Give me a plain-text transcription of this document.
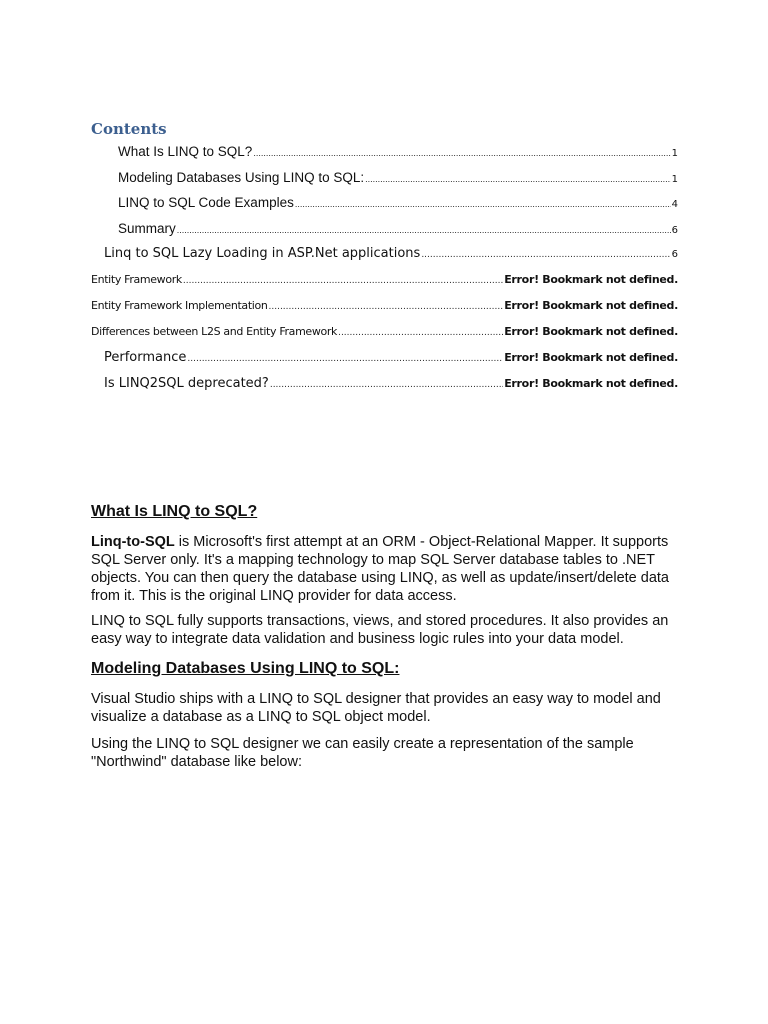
Contents
What Is LINQ to SQL? .....	1
Modeling Databases Using LINQ to SQL: .....	1
LINQ to SQL Code Examples .....	4
Summary .....	6
Linq to SQL Lazy Loading in ASP.Net applications .....	6
Entity Framework .....	Error! Bookmark not defined.
Entity Framework Implementation .....	Error! Bookmark not defined.
Differences between L2S and Entity Framework .....	Error! Bookmark not defined.
Performance .....	Error! Bookmark not defined.
Is LINQ2SQL deprecated? .....	Error! Bookmark not defined.
What Is LINQ to SQL?

Linq-to-SQL is Microsoft's first attempt at an ORM - Object-Relational Mapper. It supports SQL Server only. It's a mapping technology to map SQL Server database tables to .NET objects. You can then query the database using LINQ, as well as update/insert/delete data from it. This is the original LINQ provider for data access.

LINQ to SQL fully supports transactions, views, and stored procedures. It also provides an easy way to integrate data validation and business logic rules into your data model.

Modeling Databases Using LINQ to SQL:

Visual Studio ships with a LINQ to SQL designer that provides an easy way to model and visualize a database as a LINQ to SQL object model.

Using the LINQ to SQL designer we can easily create a representation of the sample "Northwind" database like below:
